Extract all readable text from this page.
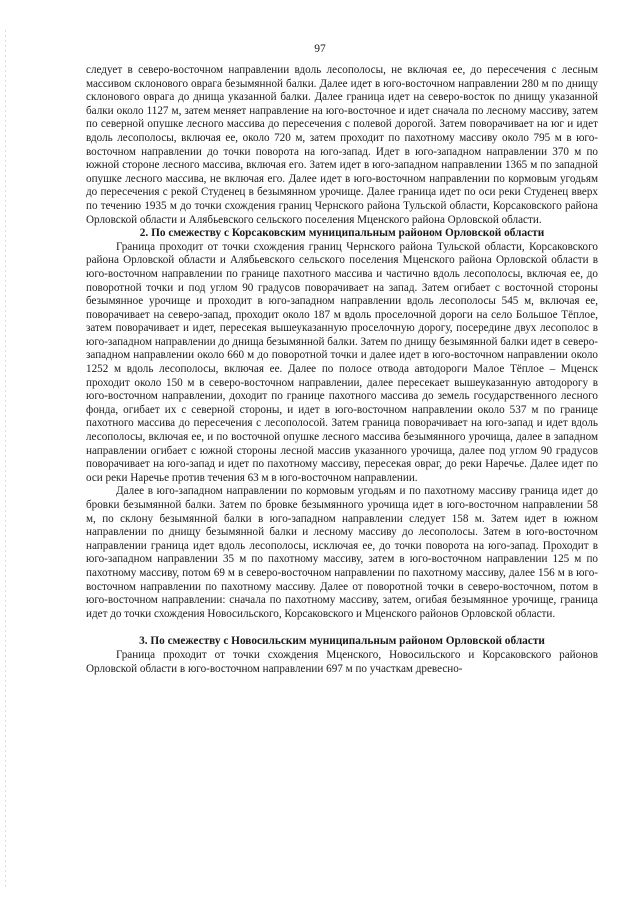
97

следует в северо-восточном направлении вдоль лесополосы, не включая ее, до пересечения с лесным массивом склонового оврага безымянной балки. Далее идет в юго-восточном направлении 280 м по днищу склонового оврага до днища указанной балки. Далее граница идет на северо-восток по днищу указанной балки около 1127 м, затем меняет направление на юго-восточное и идет сначала по лесному массиву, затем по северной опушке лесного массива до пересечения с полевой дорогой. Затем поворачивает на юг и идет вдоль лесополосы, включая ее, около 720 м, затем проходит по пахотному массиву около 795 м в юго-восточном направлении до точки поворота на юго-запад. Идет в юго-западном направлении 370 м по южной стороне лесного массива, включая его. Затем идет в юго-западном направлении 1365 м по западной опушке лесного массива, не включая его. Далее идет в юго-восточном направлении по кормовым угодьям до пересечения с рекой Студенец в безымянном урочище. Далее граница идет по оси реки Студенец вверх по течению 1935 м до точки схождения границ Чернского района Тульской области, Корсаковского района Орловской области и Алябьевского сельского поселения Мценского района Орловской области.

2. По смежеству с Корсаковским муниципальным районом Орловской области

Граница проходит от точки схождения границ Чернского района Тульской области, Корсаковского района Орловской области и Алябьевского сельского поселения Мценского района Орловской области в юго-восточном направлении по границе пахотного массива и частично вдоль лесополосы, включая ее, до поворотной точки и под углом 90 градусов поворачивает на запад. Затем огибает с восточной стороны безымянное урочище и проходит в юго-западном направлении вдоль лесополосы 545 м, включая ее, поворачивает на северо-запад, проходит около 187 м вдоль проселочной дороги на село Большое Тёплое, затем поворачивает и идет, пересекая вышеуказанную проселочную дорогу, посередине двух лесополос в юго-западном направлении до днища безымянной балки. Затем по днищу безымянной балки идет в северо-западном направлении около 660 м до поворотной точки и далее идет в юго-восточном направлении около 1252 м вдоль лесополосы, включая ее. Далее по полосе отвода автодороги Малое Тёплое – Мценск проходит около 150 м в северо-восточном направлении, далее пересекает вышеуказанную автодорогу в юго-восточном направлении, доходит по границе пахотного массива до земель государственного лесного фонда, огибает их с северной стороны, и идет в юго-восточном направлении около 537 м по границе пахотного массива до пересечения с лесополосой. Затем граница поворачивает на юго-запад и идет вдоль лесополосы, включая ее, и по восточной опушке лесного массива безымянного урочища, далее в западном направлении огибает с южной стороны лесной массив указанного урочища, далее под углом 90 градусов поворачивает на юго-запад и идет по пахотному массиву, пересекая овраг, до реки Наречье. Далее идет по оси реки Наречье против течения 63 м в юго-восточном направлении.

Далее в юго-западном направлении по кормовым угодьям и по пахотному массиву граница идет до бровки безымянной балки. Затем по бровке безымянного урочища идет в юго-восточном направлении 58 м, по склону безымянной балки в юго-западном направлении следует 158 м. Затем идет в южном направлении по днищу безымянной балки и лесному массиву до лесополосы. Затем в юго-восточном направлении граница идет вдоль лесополосы, исключая ее, до точки поворота на юго-запад. Проходит в юго-западном направлении 35 м по пахотному массиву, затем в юго-восточном направлении 125 м по пахотному массиву, потом 69 м в северо-восточном направлении по пахотному массиву, далее 156 м в юго-восточном направлении по пахотному массиву. Далее от поворотной точки в северо-восточном, потом в юго-восточном направлении: сначала по пахотному массиву, затем, огибая безымянное урочище, граница идет до точки схождения Новосильского, Корсаковского и Мценского районов Орловской области.

3. По смежеству с Новосильским муниципальным районом Орловской области

Граница проходит от точки схождения Мценского, Новосильского и Корсаковского районов Орловской области в юго-восточном направлении 697 м по участкам древесно-
